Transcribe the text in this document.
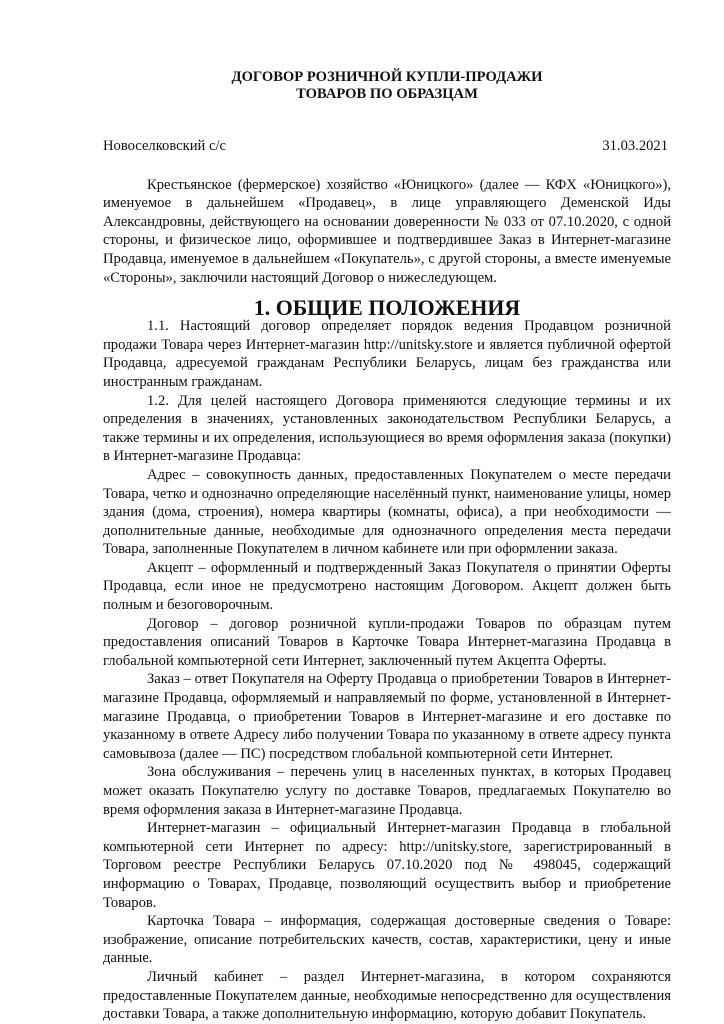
ДОГОВОР РОЗНИЧНОЙ КУПЛИ-ПРОДАЖИ
ТОВАРОВ ПО ОБРАЗЦАМ
Новоселковский с/с	31.03.2021

Крестьянское (фермерское) хозяйство «Юницкого» (далее — КФХ «Юницкого»), именуемое в дальнейшем «Продавец», в лице управляющего Деменской Иды Александровны, действующего на основании доверенности № 033 от 07.10.2020, с одной стороны, и физическое лицо, оформившее и подтвердившее Заказ в Интернет-магазине Продавца, именуемое в дальнейшем «Покупатель», с другой стороны, а вместе именуемые «Стороны», заключили настоящий Договор о нижеследующем.

1. ОБЩИЕ ПОЛОЖЕНИЯ

1.1. Настоящий договор определяет порядок ведения Продавцом розничной продажи Товара через Интернет-магазин http://unitsky.store и является публичной офертой Продавца, адресуемой гражданам Республики Беларусь, лицам без гражданства или иностранным гражданам.

1.2. Для целей настоящего Договора применяются следующие термины и их определения в значениях, установленных законодательством Республики Беларусь, а также термины и их определения, использующиеся во время оформления заказа (покупки) в Интернет-магазине Продавца:

Адрес – совокупность данных, предоставленных Покупателем о месте передачи Товара, четко и однозначно определяющие населённый пункт, наименование улицы, номер здания (дома, строения), номера квартиры (комнаты, офиса), а при необходимости — дополнительные данные, необходимые для однозначного определения места передачи Товара, заполненные Покупателем в личном кабинете или при оформлении заказа.

Акцепт – оформленный и подтвержденный Заказ Покупателя о принятии Оферты Продавца, если иное не предусмотрено настоящим Договором. Акцепт должен быть полным и безоговорочным.

Договор – договор розничной купли-продажи Товаров по образцам путем предоставления описаний Товаров в Карточке Товара Интернет-магазина Продавца в глобальной компьютерной сети Интернет, заключенный путем Акцепта Оферты.

Заказ – ответ Покупателя на Оферту Продавца о приобретении Товаров в Интернет-магазине Продавца, оформляемый и направляемый по форме, установленной в Интернет-магазине Продавца, о приобретении Товаров в Интернет-магазине и его доставке по указанному в ответе Адресу либо получении Товара по указанному в ответе адресу пункта самовывоза (далее — ПС) посредством глобальной компьютерной сети Интернет.

Зона обслуживания – перечень улиц в населенных пунктах, в которых Продавец может оказать Покупателю услугу по доставке Товаров, предлагаемых Покупателю во время оформления заказа в Интернет-магазине Продавца.

Интернет-магазин – официальный Интернет-магазин Продавца в глобальной компьютерной сети Интернет по адресу: http://unitsky.store, зарегистрированный в Торговом реестре Республики Беларусь 07.10.2020 под № 498045, содержащий информацию о Товарах, Продавце, позволяющий осуществить выбор и приобретение Товаров.

Карточка Товара – информация, содержащая достоверные сведения о Товаре: изображение, описание потребительских качеств, состав, характеристики, цену и иные данные.

Личный кабинет – раздел Интернет-магазина, в котором сохраняются предоставленные Покупателем данные, необходимые непосредственно для осуществления доставки Товара, а также дополнительную информацию, которую добавит Покупатель.
